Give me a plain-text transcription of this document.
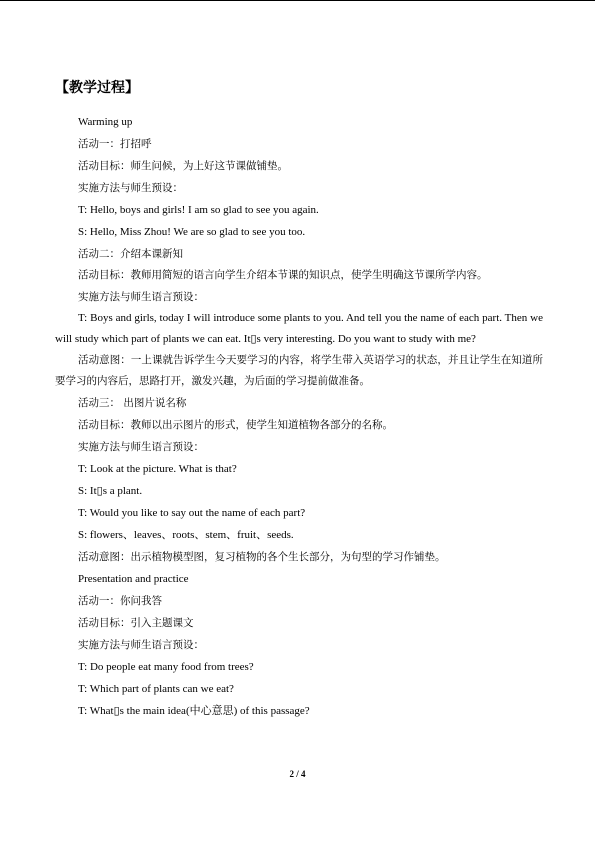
【教学过程】

Warming up

活动一：打招呼

活动目标：师生问候，为上好这节课做铺垫。

实施方法与师生预设：

T: Hello, boys and girls! I am so glad to see you again.

S: Hello, Miss Zhou! We are so glad to see you too.

活动二：介绍本课新知

活动目标：教师用简短的语言向学生介绍本节课的知识点，使学生明确这节课所学内容。

实施方法与师生语言预设：

T: Boys and girls, today I will introduce some plants to you. And tell you the name of each part. Then we will study which part of plants we can eat. It▯s very interesting. Do you want to study with me?

活动意图：一上课就告诉学生今天要学习的内容，将学生带入英语学习的状态，并且让学生在知道所要学习的内容后，思路打开，激发兴趣，为后面的学习提前做准备。

活动三： 出图片说名称

活动目标：教师以出示图片的形式，使学生知道植物各部分的名称。

实施方法与师生语言预设：

T: Look at the picture. What is that?

S: It▯s a plant.

T: Would you like to say out the name of each part?

S: flowers、leaves、roots、stem、fruit、seeds.

活动意图：出示植物模型图，复习植物的各个生长部分，为句型的学习作铺垫。

Presentation and practice

活动一：你问我答

活动目标：引入主题课文

实施方法与师生语言预设：

T: Do people eat many food from trees?

T: Which part of plants can we eat?

T: What▯s the main idea(中心意思) of this passage?

2 / 4
